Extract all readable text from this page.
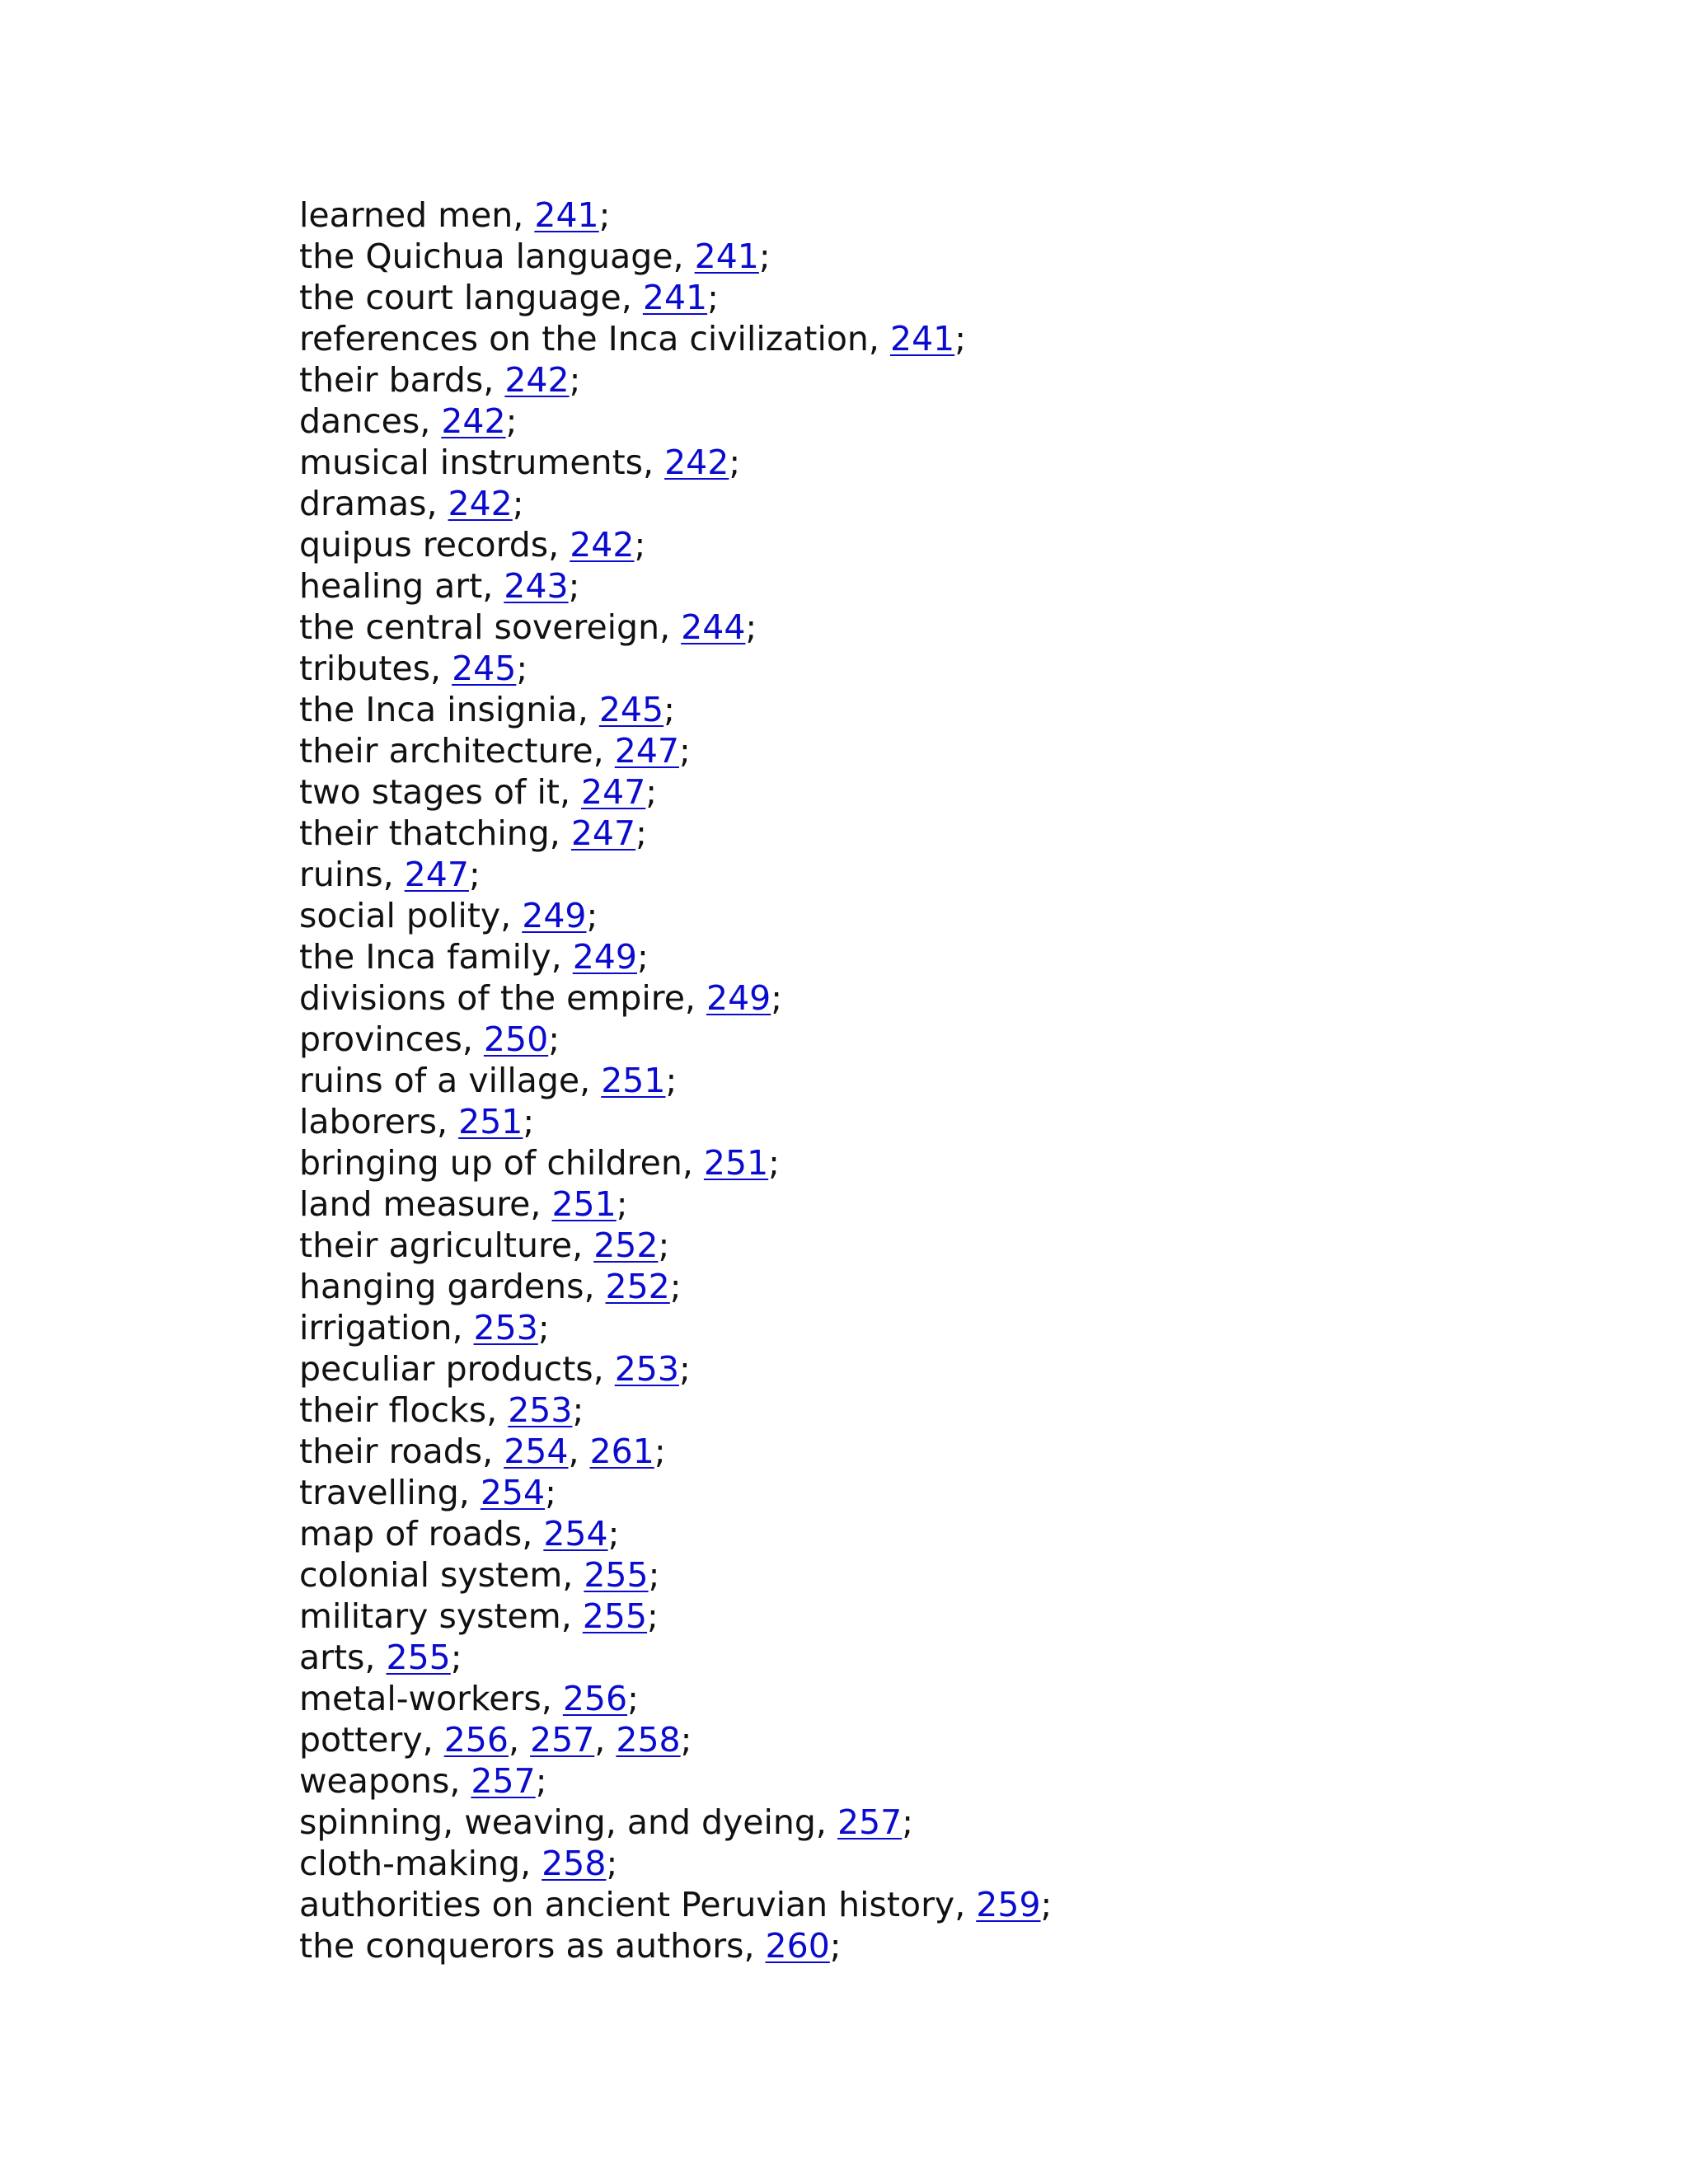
learned men, 241;
the Quichua language, 241;
the court language, 241;
references on the Inca civilization, 241;
their bards, 242;
dances, 242;
musical instruments, 242;
dramas, 242;
quipus records, 242;
healing art, 243;
the central sovereign, 244;
tributes, 245;
the Inca insignia, 245;
their architecture, 247;
two stages of it, 247;
their thatching, 247;
ruins, 247;
social polity, 249;
the Inca family, 249;
divisions of the empire, 249;
provinces, 250;
ruins of a village, 251;
laborers, 251;
bringing up of children, 251;
land measure, 251;
their agriculture, 252;
hanging gardens, 252;
irrigation, 253;
peculiar products, 253;
their flocks, 253;
their roads, 254, 261;
travelling, 254;
map of roads, 254;
colonial system, 255;
military system, 255;
arts, 255;
metal-workers, 256;
pottery, 256, 257, 258;
weapons, 257;
spinning, weaving, and dyeing, 257;
cloth-making, 258;
authorities on ancient Peruvian history, 259;
the conquerors as authors, 260;
